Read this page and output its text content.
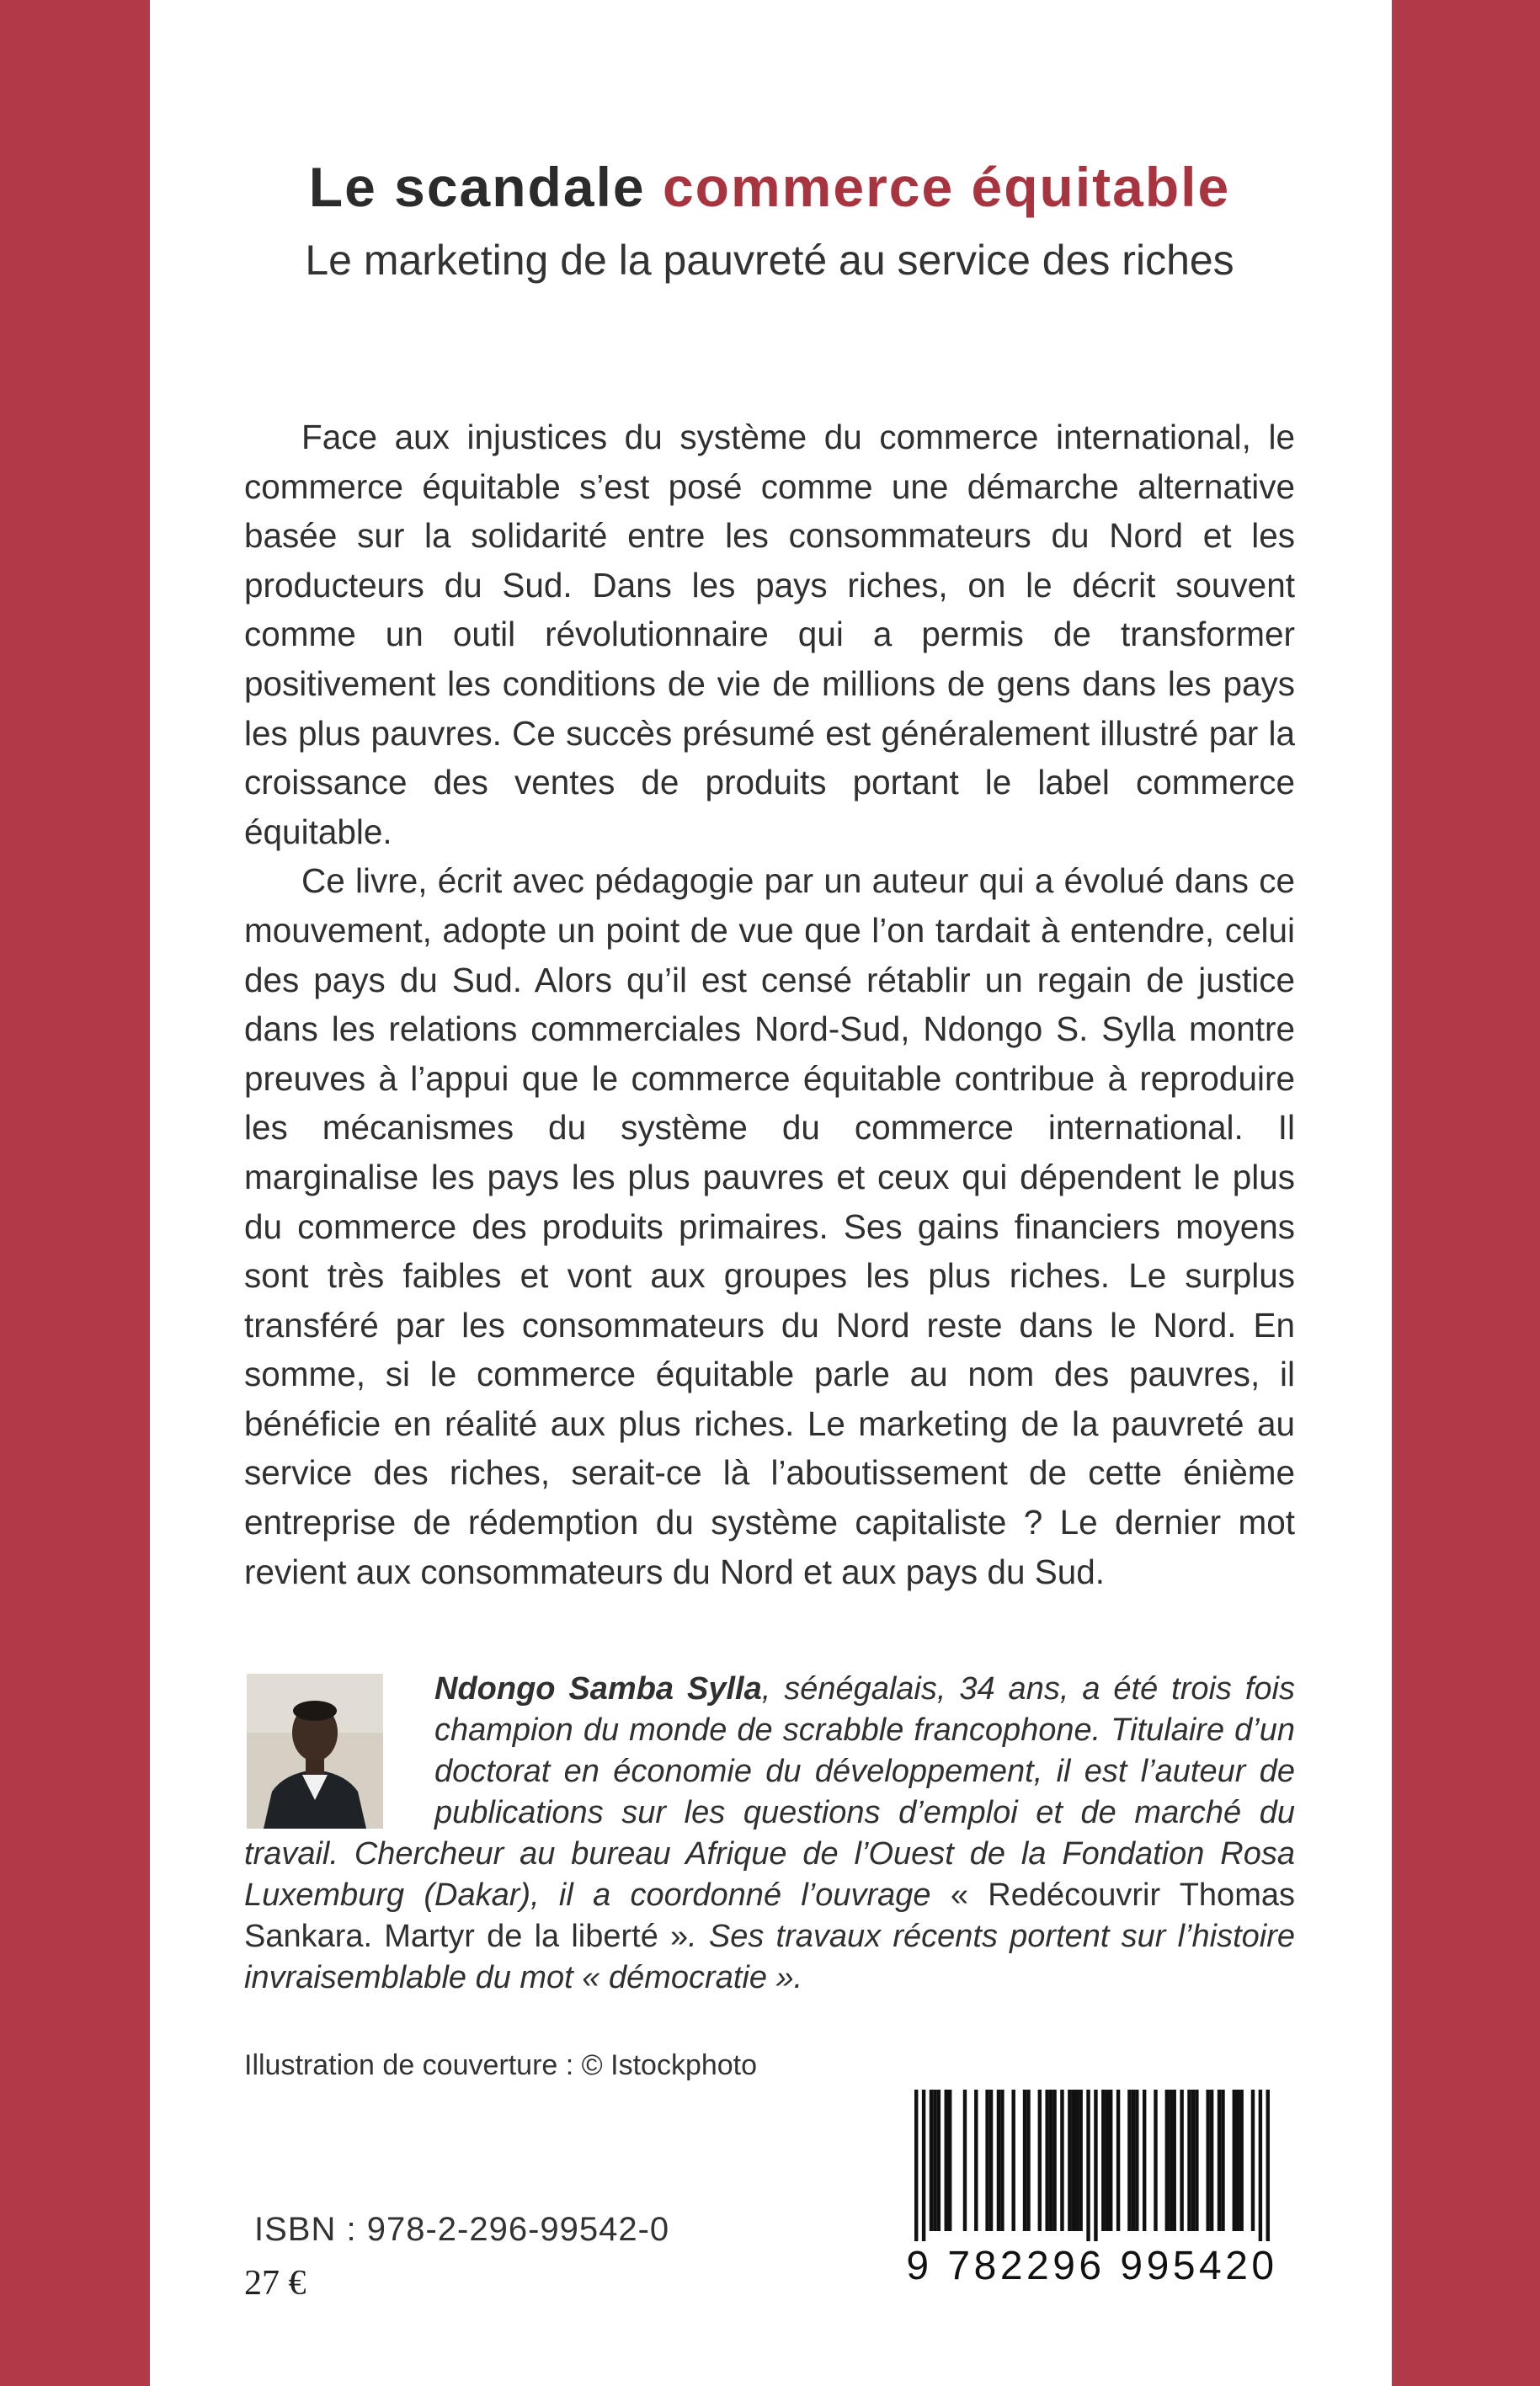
Le scandale commerce équitable
Le marketing de la pauvreté au service des riches

Face aux injustices du système du commerce international, le commerce équitable s’est posé comme une démarche alternative basée sur la solidarité entre les consommateurs du Nord et les producteurs du Sud. Dans les pays riches, on le décrit souvent comme un outil révolutionnaire qui a permis de transformer positivement les conditions de vie de millions de gens dans les pays les plus pauvres. Ce succès présumé est généralement illustré par la croissance des ventes de produits portant le label commerce équitable.

Ce livre, écrit avec pédagogie par un auteur qui a évolué dans ce mouvement, adopte un point de vue que l’on tardait à entendre, celui des pays du Sud. Alors qu’il est censé rétablir un regain de justice dans les relations commerciales Nord-Sud, Ndongo S. Sylla montre preuves à l’appui que le commerce équitable contribue à reproduire les mécanismes du système du commerce international. Il marginalise les pays les plus pauvres et ceux qui dépendent le plus du commerce des produits primaires. Ses gains financiers moyens sont très faibles et vont aux groupes les plus riches. Le surplus transféré par les consommateurs du Nord reste dans le Nord. En somme, si le commerce équitable parle au nom des pauvres, il bénéficie en réalité aux plus riches. Le marketing de la pauvreté au service des riches, serait-ce là l’aboutissement de cette énième entreprise de rédemption du système capitaliste ? Le dernier mot revient aux consommateurs du Nord et aux pays du Sud.

Ndongo Samba Sylla, sénégalais, 34 ans, a été trois fois champion du monde de scrabble francophone. Titulaire d’un doctorat en économie du développement, il est l’auteur de publications sur les questions d’emploi et de marché du travail. Chercheur au bureau Afrique de l’Ouest de la Fondation Rosa Luxemburg (Dakar), il a coordonné l’ouvrage « Redécouvrir Thomas Sankara. Martyr de la liberté ». Ses travaux récents portent sur l’histoire invraisemblable du mot « démocratie ».
Illustration de couverture : © Istockphoto
9 782296 995420
ISBN : 978-2-296-99542-0
27 €
